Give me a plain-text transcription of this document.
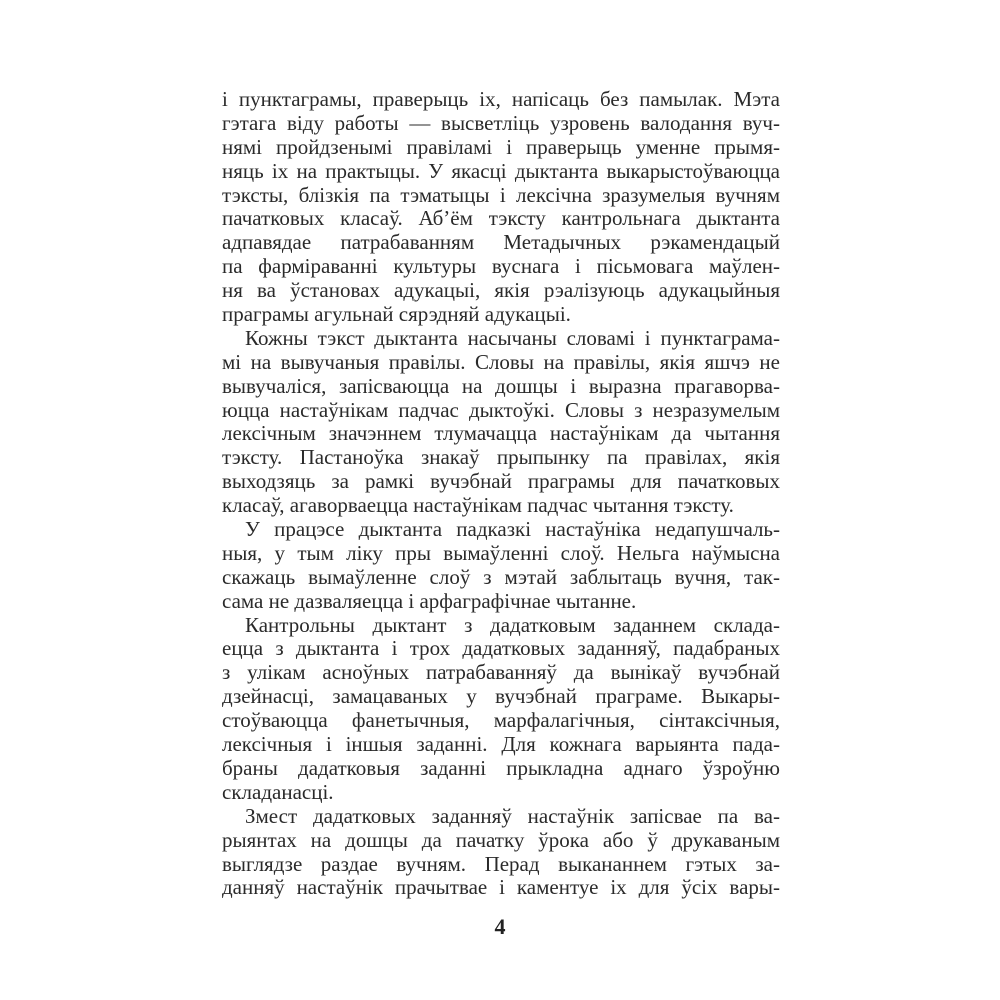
і пунктаграмы, праверыць іх, напісаць без памылак. Мэта
гэтага віду работы — высветліць узровень валодання вуч-
нямі пройдзенымі правіламі і праверыць уменне прымя-
няць іх на практыцы. У якасці дыктанта выкарыстоўваюцца
тэксты, блізкія па тэматыцы і лексічна зразумелыя вучням
пачатковых класаў. Аб’ём тэксту кантрольнага дыктанта
адпавядае патрабаванням Метадычных рэкамендацый
па фарміраванні культуры вуснага і пісьмовага маўлен-
ня ва ўстановах адукацыі, якія рэалізуюць адукацыйныя
праграмы агульнай сярэдняй адукацыі.
Кожны тэкст дыктанта насычаны словамі і пунктаграма-
мі на вывучаныя правілы. Словы на правілы, якія яшчэ не
вывучаліся, запісваюцца на дошцы і выразна прагаворва-
юцца настаўнікам падчас дыктоўкі. Словы з незразумелым
лексічным значэннем тлумачацца настаўнікам да чытання
тэксту. Пастаноўка знакаў прыпынку па правілах, якія
выходзяць за рамкі вучэбнай праграмы для пачатковых
класаў, агаворваецца настаўнікам падчас чытання тэксту.
У працэсе дыктанта падказкі настаўніка недапушчаль-
ныя, у тым ліку пры вымаўленні слоў. Нельга наўмысна
скажаць вымаўленне слоў з мэтай заблытаць вучня, так-
сама не дазваляецца і арфаграфічнае чытанне.
Кантрольны дыктант з дадатковым заданнем склада-
ецца з дыктанта і трох дадатковых заданняў, падабраных
з улікам асноўных патрабаванняў да вынікаў вучэбнай
дзейнасці, замацаваных у вучэбнай праграме. Выкары-
стоўваюцца фанетычныя, марфалагічныя, сінтаксічныя,
лексічныя і іншыя заданні. Для кожнага варыянта пада-
браны дадатковыя заданні прыкладна аднаго ўзроўню
складанасці.
Змест дадатковых заданняў настаўнік запісвае па ва-
рыянтах на дошцы да пачатку ўрока або ў друкаваным
выглядзе раздае вучням. Перад выкананнем гэтых за-
данняў настаўнік прачытвае і каментуе іх для ўсіх вары-
4
